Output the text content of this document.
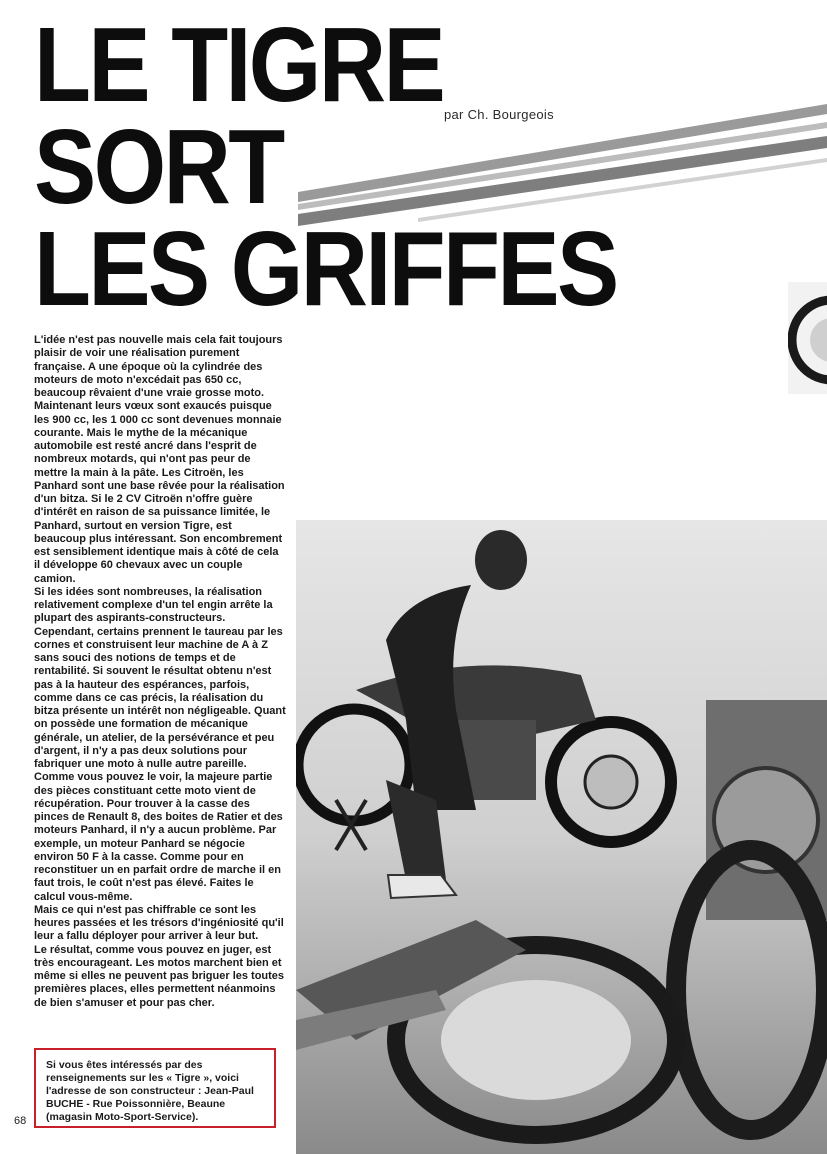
LE TIGRE
SORT
LES GRIFFES
par Ch. Bourgeois

L'idée n'est pas nouvelle mais cela fait toujours plaisir de voir une réalisation purement française. A une époque où la cylindrée des moteurs de moto n'excédait pas 650 cc, beaucoup rêvaient d'une vraie grosse moto. Maintenant leurs vœux sont exaucés puisque les 900 cc, les 1 000 cc sont devenues monnaie courante. Mais le mythe de la mécanique automobile est resté ancré dans l'esprit de nombreux motards, qui n'ont pas peur de mettre la main à la pâte. Les Citroën, les Panhard sont une base rêvée pour la réalisation d'un bitza. Si le 2 CV Citroën n'offre guère d'intérêt en raison de sa puissance limitée, le Panhard, surtout en version Tigre, est beaucoup plus intéressant. Son encombrement est sensiblement identique mais à côté de cela il développe 60 chevaux avec un couple camion.

Si les idées sont nombreuses, la réalisation relativement complexe d'un tel engin arrête la plupart des aspirants-constructeurs.

Cependant, certains prennent le taureau par les cornes et construisent leur machine de A à Z sans souci des notions de temps et de rentabilité. Si souvent le résultat obtenu n'est pas à la hauteur des espérances, parfois, comme dans ce cas précis, la réalisation du bitza présente un intérêt non négligeable. Quant on possède une formation de mécanique générale, un atelier, de la persévérance et peu d'argent, il n'y a pas deux solutions pour fabriquer une moto à nulle autre pareille. Comme vous pouvez le voir, la majeure partie des pièces constituant cette moto vient de récupération. Pour trouver à la casse des pinces de Renault 8, des boites de Ratier et des moteurs Panhard, il n'y a aucun problème. Par exemple, un moteur Panhard se négocie environ 50 F à la casse. Comme pour en reconstituer un en parfait ordre de marche il en faut trois, le coût n'est pas élevé. Faites le calcul vous-même.

Mais ce qui n'est pas chiffrable ce sont les heures passées et les trésors d'ingéniosité qu'il leur a fallu déployer pour arriver à leur but.

Le résultat, comme vous pouvez en juger, est très encourageant. Les motos marchent bien et même si elles ne peuvent pas briguer les toutes premières places, elles permettent néanmoins de bien s'amuser et pour pas cher.

Si vous êtes intéressés par des renseignements sur les « Tigre », voici l'adresse de son constructeur : Jean-Paul BUCHE - Rue Poissonnière, Beaune (magasin Moto-Sport-Service).
68
